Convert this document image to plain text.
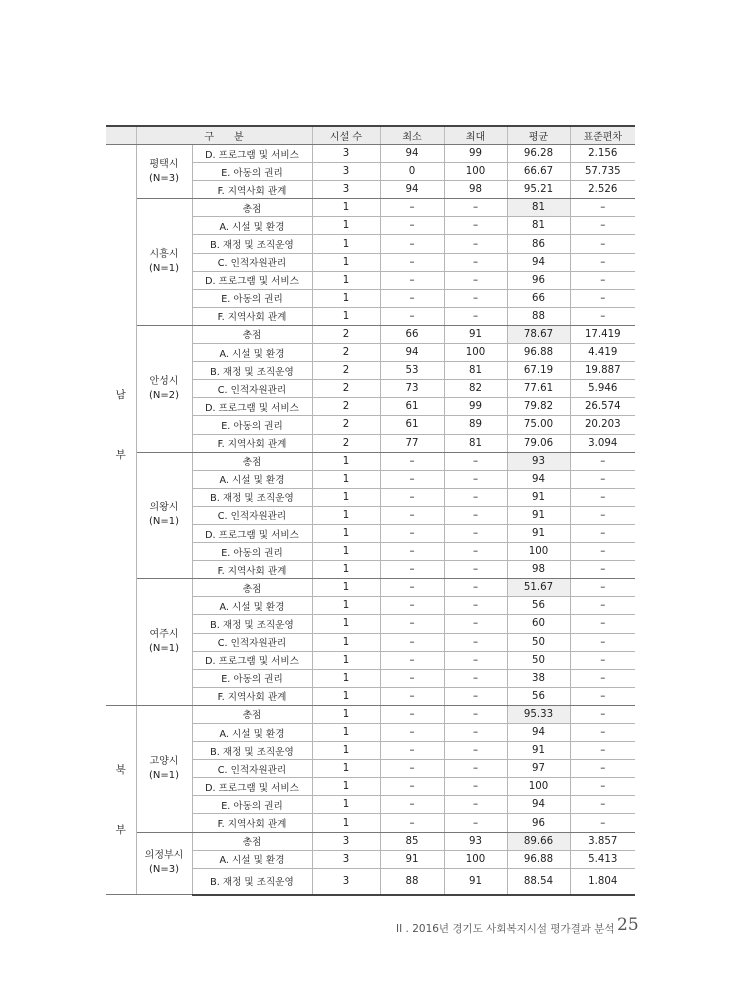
	구　　분		시설 수	최소	최대	평균	표준편차
남

부	평택시
(N=3)	D. 프로그램 및 서비스	3	94	99	96.28	2.156
		E. 아동의 권리	3	0	100	66.67	57.735
		F. 지역사회 관계	3	94	98	95.21	2.526
	시흥시
(N=1)	총점	1	–	–	81	–
		A. 시설 및 환경	1	–	–	81	–
		B. 재정 및 조직운영	1	–	–	86	–
		C. 인적자원관리	1	–	–	94	–
		D. 프로그램 및 서비스	1	–	–	96	–
		E. 아동의 권리	1	–	–	66	–
		F. 지역사회 관계	1	–	–	88	–
	안성시
(N=2)	총점	2	66	91	78.67	17.419
		A. 시설 및 환경	2	94	100	96.88	4.419
		B. 재정 및 조직운영	2	53	81	67.19	19.887
		C. 인적자원관리	2	73	82	77.61	5.946
		D. 프로그램 및 서비스	2	61	99	79.82	26.574
		E. 아동의 권리	2	61	89	75.00	20.203
		F. 지역사회 관계	2	77	81	79.06	3.094
	의왕시
(N=1)	총점	1	–	–	93	–
		A. 시설 및 환경	1	–	–	94	–
		B. 재정 및 조직운영	1	–	–	91	–
		C. 인적자원관리	1	–	–	91	–
		D. 프로그램 및 서비스	1	–	–	91	–
		E. 아동의 권리	1	–	–	100	–
		F. 지역사회 관계	1	–	–	98	–
	여주시
(N=1)	총점	1	–	–	51.67	–
		A. 시설 및 환경	1	–	–	56	–
		B. 재정 및 조직운영	1	–	–	60	–
		C. 인적자원관리	1	–	–	50	–
		D. 프로그램 및 서비스	1	–	–	50	–
		E. 아동의 권리	1	–	–	38	–
		F. 지역사회 관계	1	–	–	56	–
북

부	고양시
(N=1)	총점	1	–	–	95.33	–
		A. 시설 및 환경	1	–	–	94	–
		B. 재정 및 조직운영	1	–	–	91	–
		C. 인적자원관리	1	–	–	97	–
		D. 프로그램 및 서비스	1	–	–	100	–
		E. 아동의 권리	1	–	–	94	–
		F. 지역사회 관계	1	–	–	96	–
	의정부시
(N=3)	총점	3	85	93	89.66	3.857
		A. 시설 및 환경	3	91	100	96.88	5.413
		B. 재정 및 조직운영	3	88	91	88.54	1.804
II . 2016년 경기도 사회복지시설 평가결과 분석 25
